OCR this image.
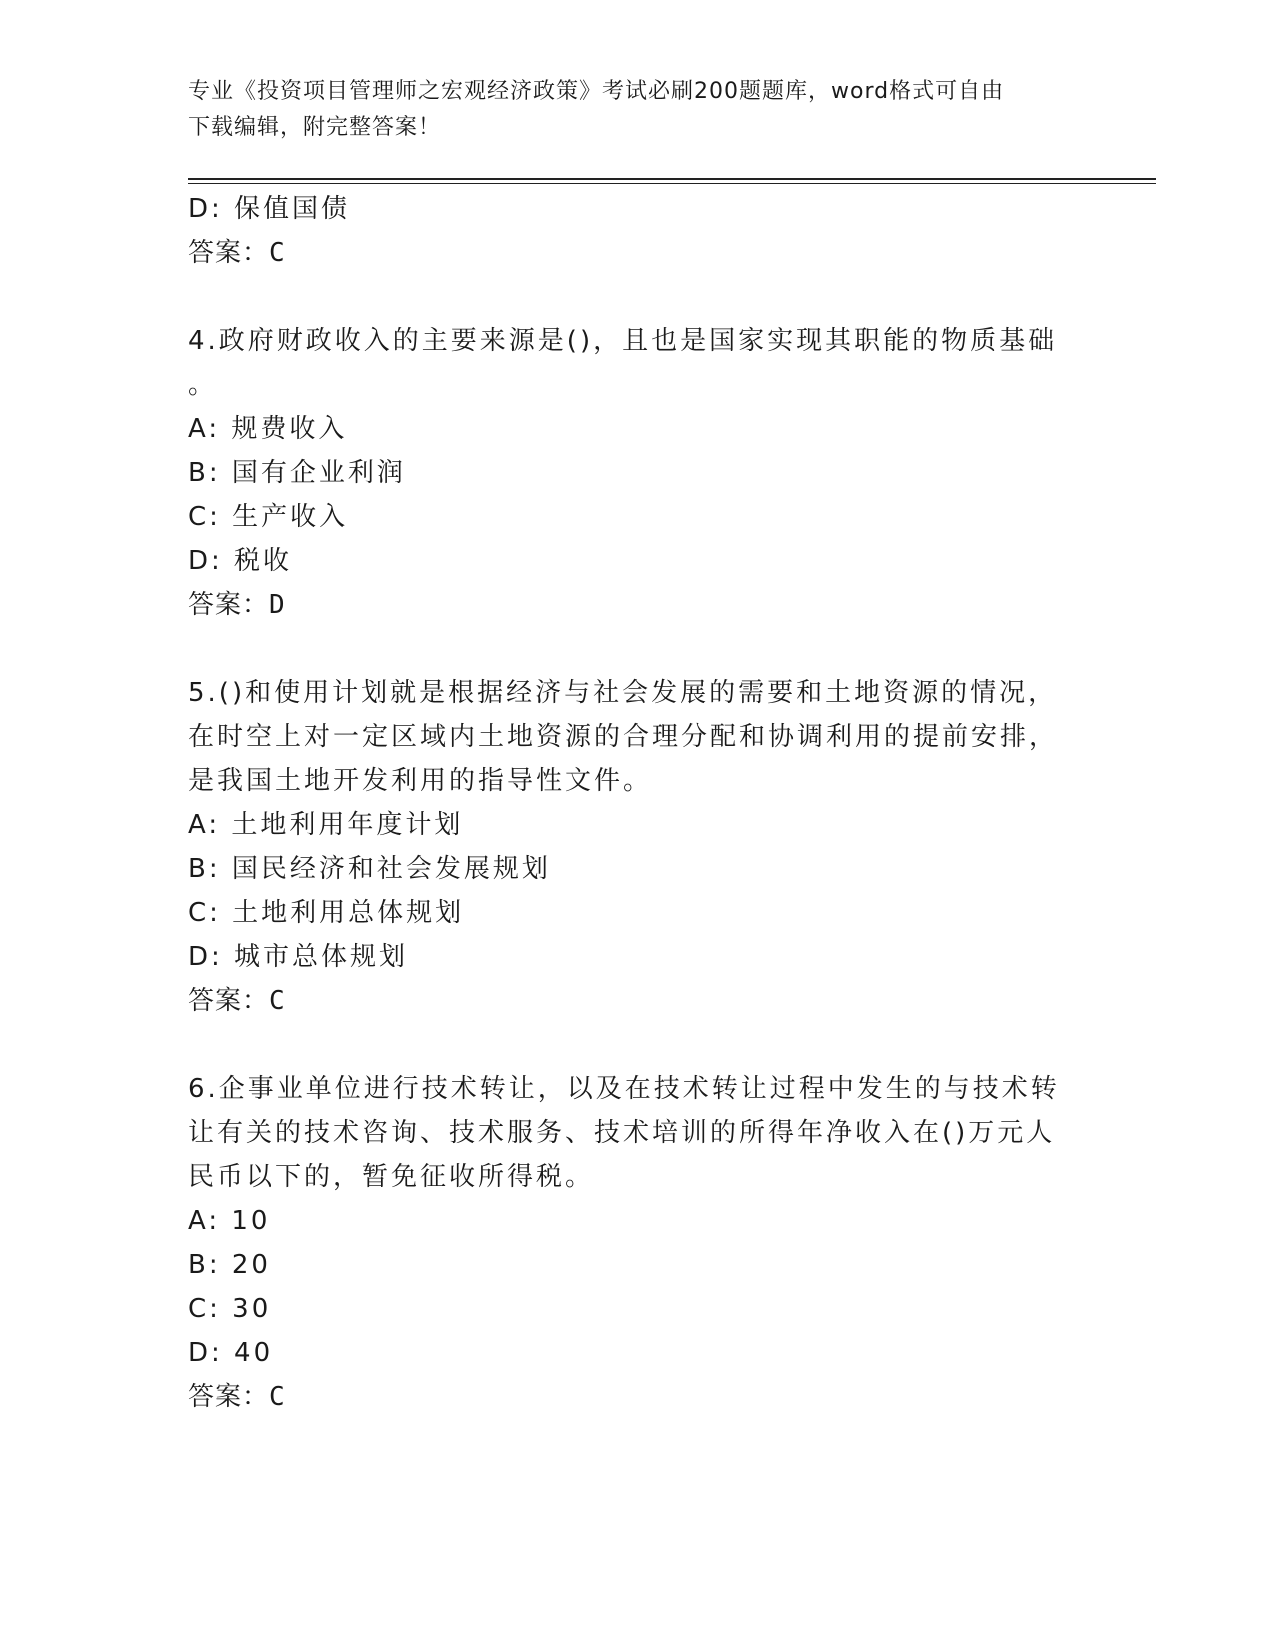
专业《投资项目管理师之宏观经济政策》考试必刷200题题库，word格式可自由
下载编辑，附完整答案！
D: 保值国债
答案：C
4.政府财政收入的主要来源是()，且也是国家实现其职能的物质基础
。
A: 规费收入
B: 国有企业利润
C: 生产收入
D: 税收
答案：D
5.()和使用计划就是根据经济与社会发展的需要和土地资源的情况，
在时空上对一定区域内土地资源的合理分配和协调利用的提前安排，
是我国土地开发利用的指导性文件。
A: 土地利用年度计划
B: 国民经济和社会发展规划
C: 土地利用总体规划
D: 城市总体规划
答案：C
6.企事业单位进行技术转让，以及在技术转让过程中发生的与技术转
让有关的技术咨询、技术服务、技术培训的所得年净收入在()万元人
民币以下的，暂免征收所得税。
A: 10
B: 20
C: 30
D: 40
答案：C
